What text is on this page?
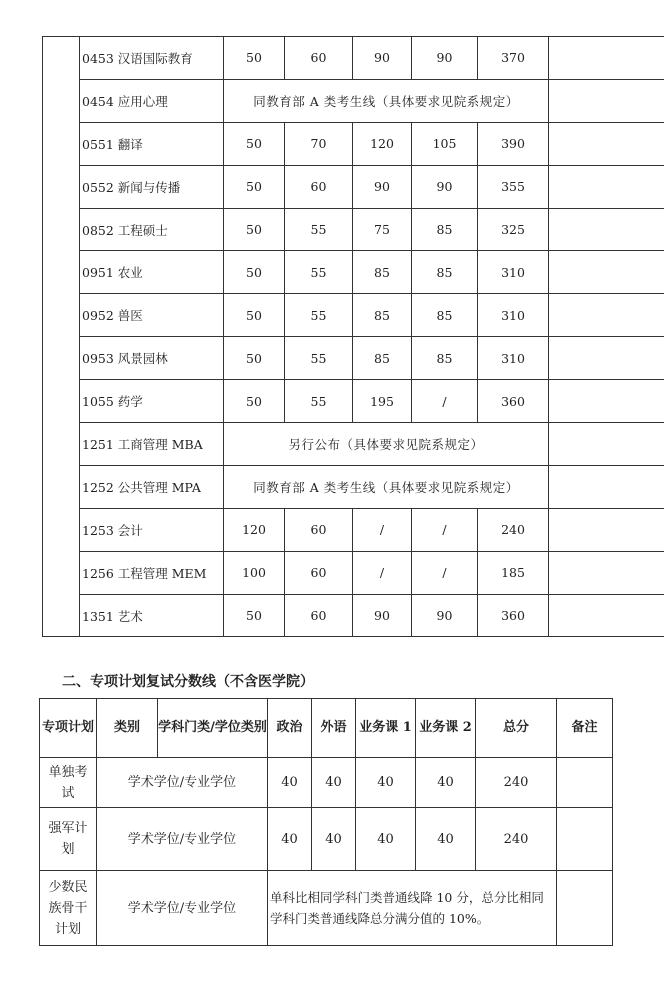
	0453 汉语国际教育	50	60	90	90	370	
	0454 应用心理	同教育部 A 类考生线（具体要求见院系规定）					
	0551 翻译	50	70	120	105	390	
	0552 新闻与传播	50	60	90	90	355	
	0852 工程硕士	50	55	75	85	325	
	0951 农业	50	55	85	85	310	
	0952 兽医	50	55	85	85	310	
	0953 风景园林	50	55	85	85	310	
	1055 药学	50	55	195	/	360	
	1251 工商管理 MBA	另行公布（具体要求见院系规定）					
	1252 公共管理 MPA	同教育部 A 类考生线（具体要求见院系规定）					
	1253 会计	120	60	/	/	240	
	1256 工程管理 MEM	100	60	/	/	185	
	1351 艺术	50	60	90	90	360	
二、专项计划复试分数线（不含医学院）
专项计划	类别	学科门类/学位类别	政治	外语	业务课 1	业务课 2	总分	备注
单独考试	学术学位/专业学位		40	40	40	40	240	
强军计划	学术学位/专业学位		40	40	40	40	240	
少数民族骨干计划	学术学位/专业学位		单科比相同学科门类普通线降 10 分，总分比相同学科门类普通线降总分满分值的 10%。					
